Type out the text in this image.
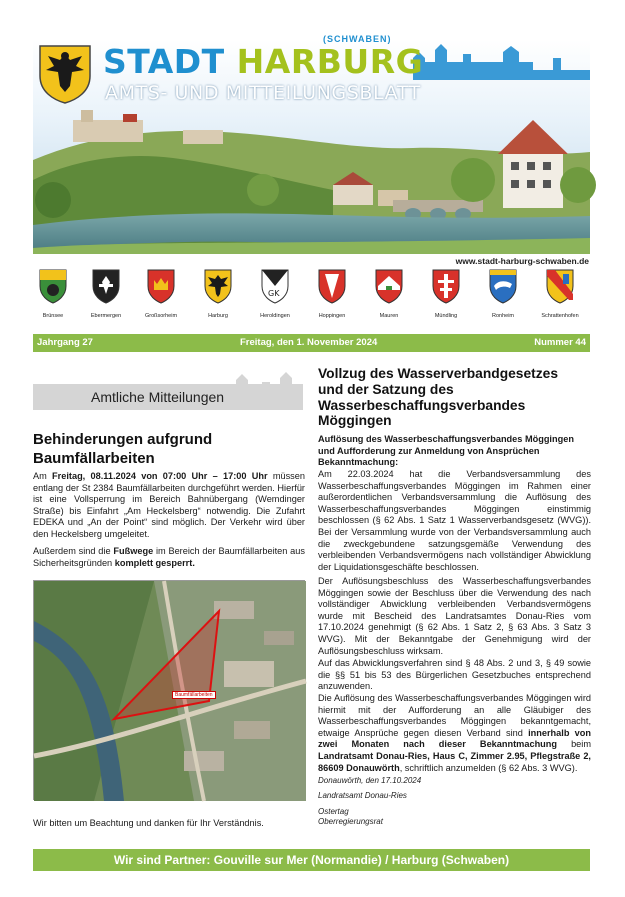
(SCHWABEN)
STADT HARBURG
AMTS- UND MITTEILUNGSBLATT
www.stadt-harburg-schwaben.de
Brünsee	Ebermergen	Großsorheim	Harburg
GK
Heroldingen	Hoppingen	Mauren	Mündling	Ronheim	Schrattenhofen
Jahrgang 27	Freitag, den 1. November 2024	Nummer 44
Amtliche Mitteilungen
Behinderungen aufgrund
Baumfällarbeiten
Am Freitag, 08.11.2024 von 07:00 Uhr – 17:00 Uhr müssen entlang der St 2384 Baumfällarbeiten durchgeführt werden. Hierfür ist eine Vollsperrung im Bereich Bahnübergang (Wemdinger Straße) bis Einfahrt „Am Heckelsberg“ notwendig. Die Zufahrt EDEKA und „An der Point“ sind möglich. Der Verkehr wird über den Heckelsberg umgeleitet.
Außerdem sind die Fußwege im Bereich der Baumfällarbeiten aus Sicherheitsgründen komplett gesperrt.
Baumfällarbeiten
Wir bitten um Beachtung und danken für Ihr Verständnis.
Vollzug des Wasserverbandgesetzes
und der Satzung des
Wasserbeschaffungsverbandes
Möggingen
Auflösung des Wasserbeschaffungsverbandes Möggingen und Aufforderung zur Anmeldung von Ansprüchen Bekanntmachung:
Am 22.03.2024 hat die Verbandsversammlung des Wasserbeschaffungsverbandes Möggingen im Rahmen einer außerordentlichen Verbandsversammlung die Auflösung des Wasserbeschaffungsverbandes Möggingen einstimmig beschlossen (§ 62 Abs. 1 Satz 1 Wasserverbandsgesetz (WVG)). Bei der Versammlung wurde von der Verbandsversammlung auch die zweckgebundene satzungsgemäße Verwendung des verbleibenden Verbandsvermögens nach vollständiger Abwicklung der Liquidationsgeschäfte beschlossen.
Der Auflösungsbeschluss des Wasserbeschaffungsverbandes Möggingen sowie der Beschluss über die Verwendung des nach vollständiger Abwicklung verbleibenden Verbandsvermögens wurde mit Bescheid des Landratsamtes Donau-Ries vom 17.10.2024 genehmigt (§ 62 Abs. 1 Satz 2, § 63 Abs. 3 Satz 3 WVG). Mit der Bekanntgabe der Genehmigung wird der Auflösungsbeschluss wirksam.
Auf das Abwicklungsverfahren sind § 48 Abs. 2 und 3, § 49 sowie die §§ 51 bis 53 des Bürgerlichen Gesetzbuches entsprechend anzuwenden.
Die Auflösung des Wasserbeschaffungsverbandes Möggingen wird hiermit mit der Aufforderung an alle Gläubiger des Wasserbeschaffungsverbandes Möggingen bekanntgemacht, etwaige Ansprüche gegen diesen Verband sind innerhalb von zwei Monaten nach dieser Bekanntmachung beim Landratsamt Donau-Ries, Haus C, Zimmer 2.95, Pflegstraße 2, 86609 Donauwörth, schriftlich anzumelden (§ 62 Abs. 3 WVG).
Donauwörth, den 17.10.2024
Landratsamt Donau-Ries
Ostertag
Oberregierungsrat
Wir sind Partner: Gouville sur Mer (Normandie) / Harburg (Schwaben)
